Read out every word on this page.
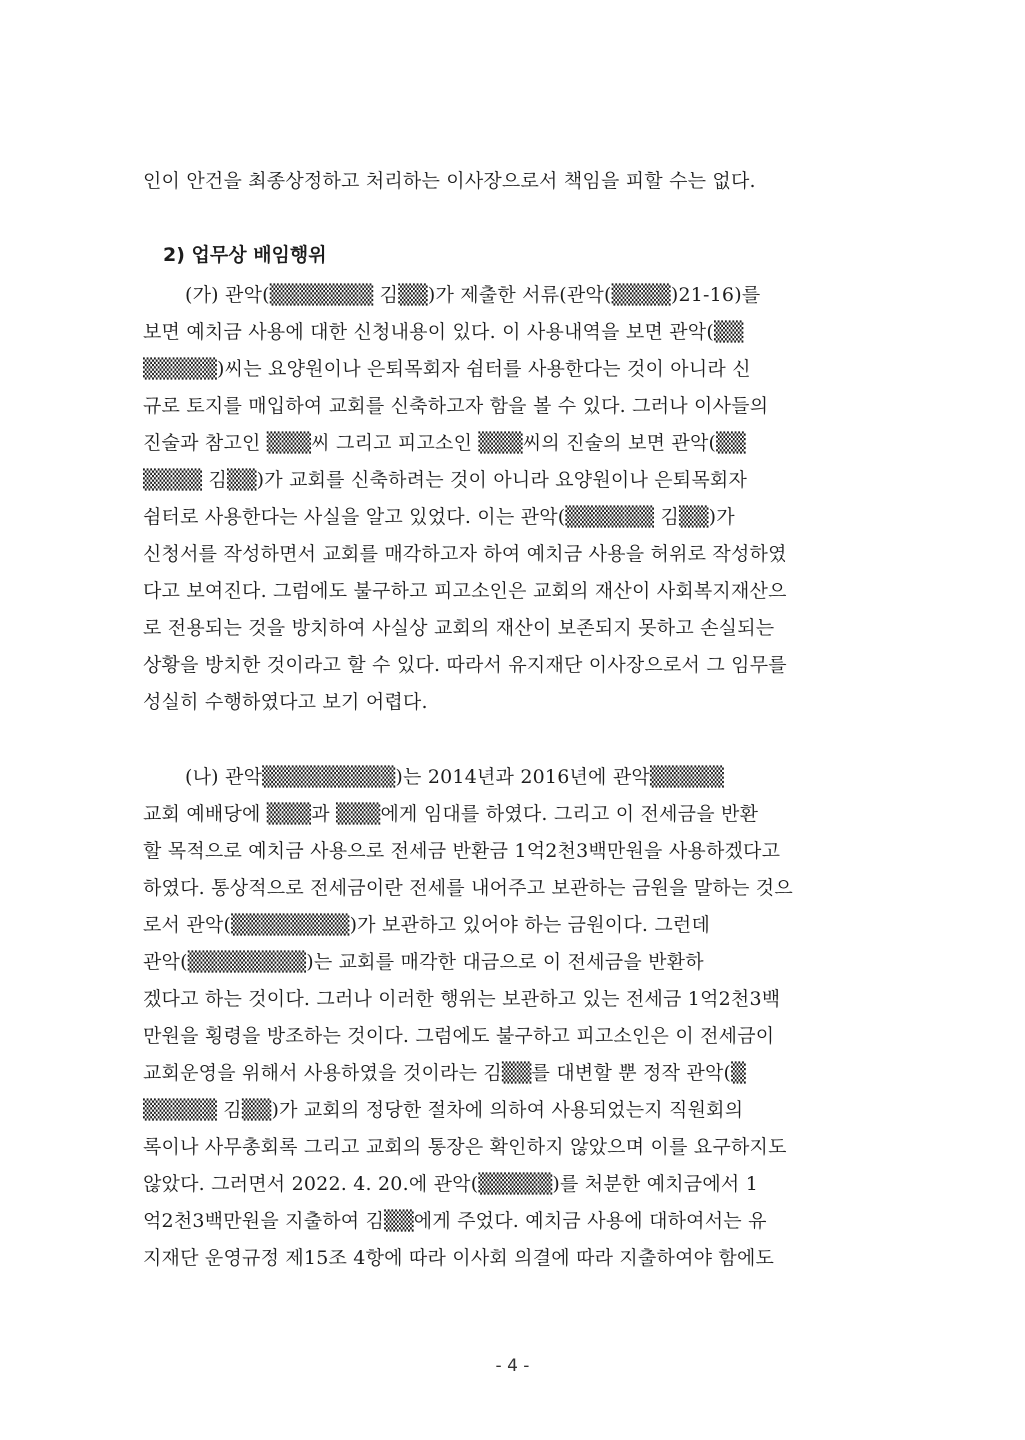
인이 안건을 최종상정하고 처리하는 이사장으로서 책임을 피할 수는 없다.
2) 업무상 배임행위
(가) 관악(▒▒▒▒▒▒▒ 김▒▒)가 제출한 서류(관악(▒▒▒▒)21-16)를
보면 예치금 사용에 대한 신청내용이 있다. 이 사용내역을 보면 관악(▒▒
▒▒▒▒▒)씨는 요양원이나 은퇴목회자 쉼터를 사용한다는 것이 아니라 신
규로 토지를 매입하여 교회를 신축하고자 함을 볼 수 있다. 그러나 이사들의
진술과 참고인 ▒▒▒씨 그리고 피고소인 ▒▒▒씨의 진술의 보면 관악(▒▒
▒▒▒▒ 김▒▒)가 교회를 신축하려는 것이 아니라 요양원이나 은퇴목회자
쉼터로 사용한다는 사실을 알고 있었다. 이는 관악(▒▒▒▒▒▒ 김▒▒)가
신청서를 작성하면서 교회를 매각하고자 하여 예치금 사용을 허위로 작성하였
다고 보여진다. 그럼에도 불구하고 피고소인은 교회의 재산이 사회복지재산으
로 전용되는 것을 방치하여 사실상 교회의 재산이 보존되지 못하고 손실되는
상황을 방치한 것이라고 할 수 있다. 따라서 유지재단 이사장으로서 그 임무를
성실히 수행하였다고 보기 어렵다.
(나) 관악▒▒▒▒▒▒▒▒▒)는 2014년과 2016년에 관악▒▒▒▒▒
교회 예배당에 ▒▒▒과 ▒▒▒에게 임대를 하였다. 그리고 이 전세금을 반환
할 목적으로 예치금 사용으로 전세금 반환금 1억2천3백만원을 사용하겠다고
하였다. 통상적으로 전세금이란 전세를 내어주고 보관하는 금원을 말하는 것으
로서 관악(▒▒▒▒▒▒▒▒)가 보관하고 있어야 하는 금원이다. 그런데
관악(▒▒▒▒▒▒▒▒)는 교회를 매각한 대금으로 이 전세금을 반환하
겠다고 하는 것이다. 그러나 이러한 행위는 보관하고 있는 전세금 1억2천3백
만원을 횡령을 방조하는 것이다. 그럼에도 불구하고 피고소인은 이 전세금이
교회운영을 위해서 사용하였을 것이라는 김▒▒를 대변할 뿐 정작 관악(▒
▒▒▒▒▒ 김▒▒)가 교회의 정당한 절차에 의하여 사용되었는지 직원회의
록이나 사무총회록 그리고 교회의 통장은 확인하지 않았으며 이를 요구하지도
않았다. 그러면서 2022. 4. 20.에 관악(▒▒▒▒▒)를 처분한 예치금에서 1
억2천3백만원을 지출하여 김▒▒에게 주었다. 예치금 사용에 대하여서는 유
지재단 운영규정 제15조 4항에 따라 이사회 의결에 따라 지출하여야 함에도
- 4 -
